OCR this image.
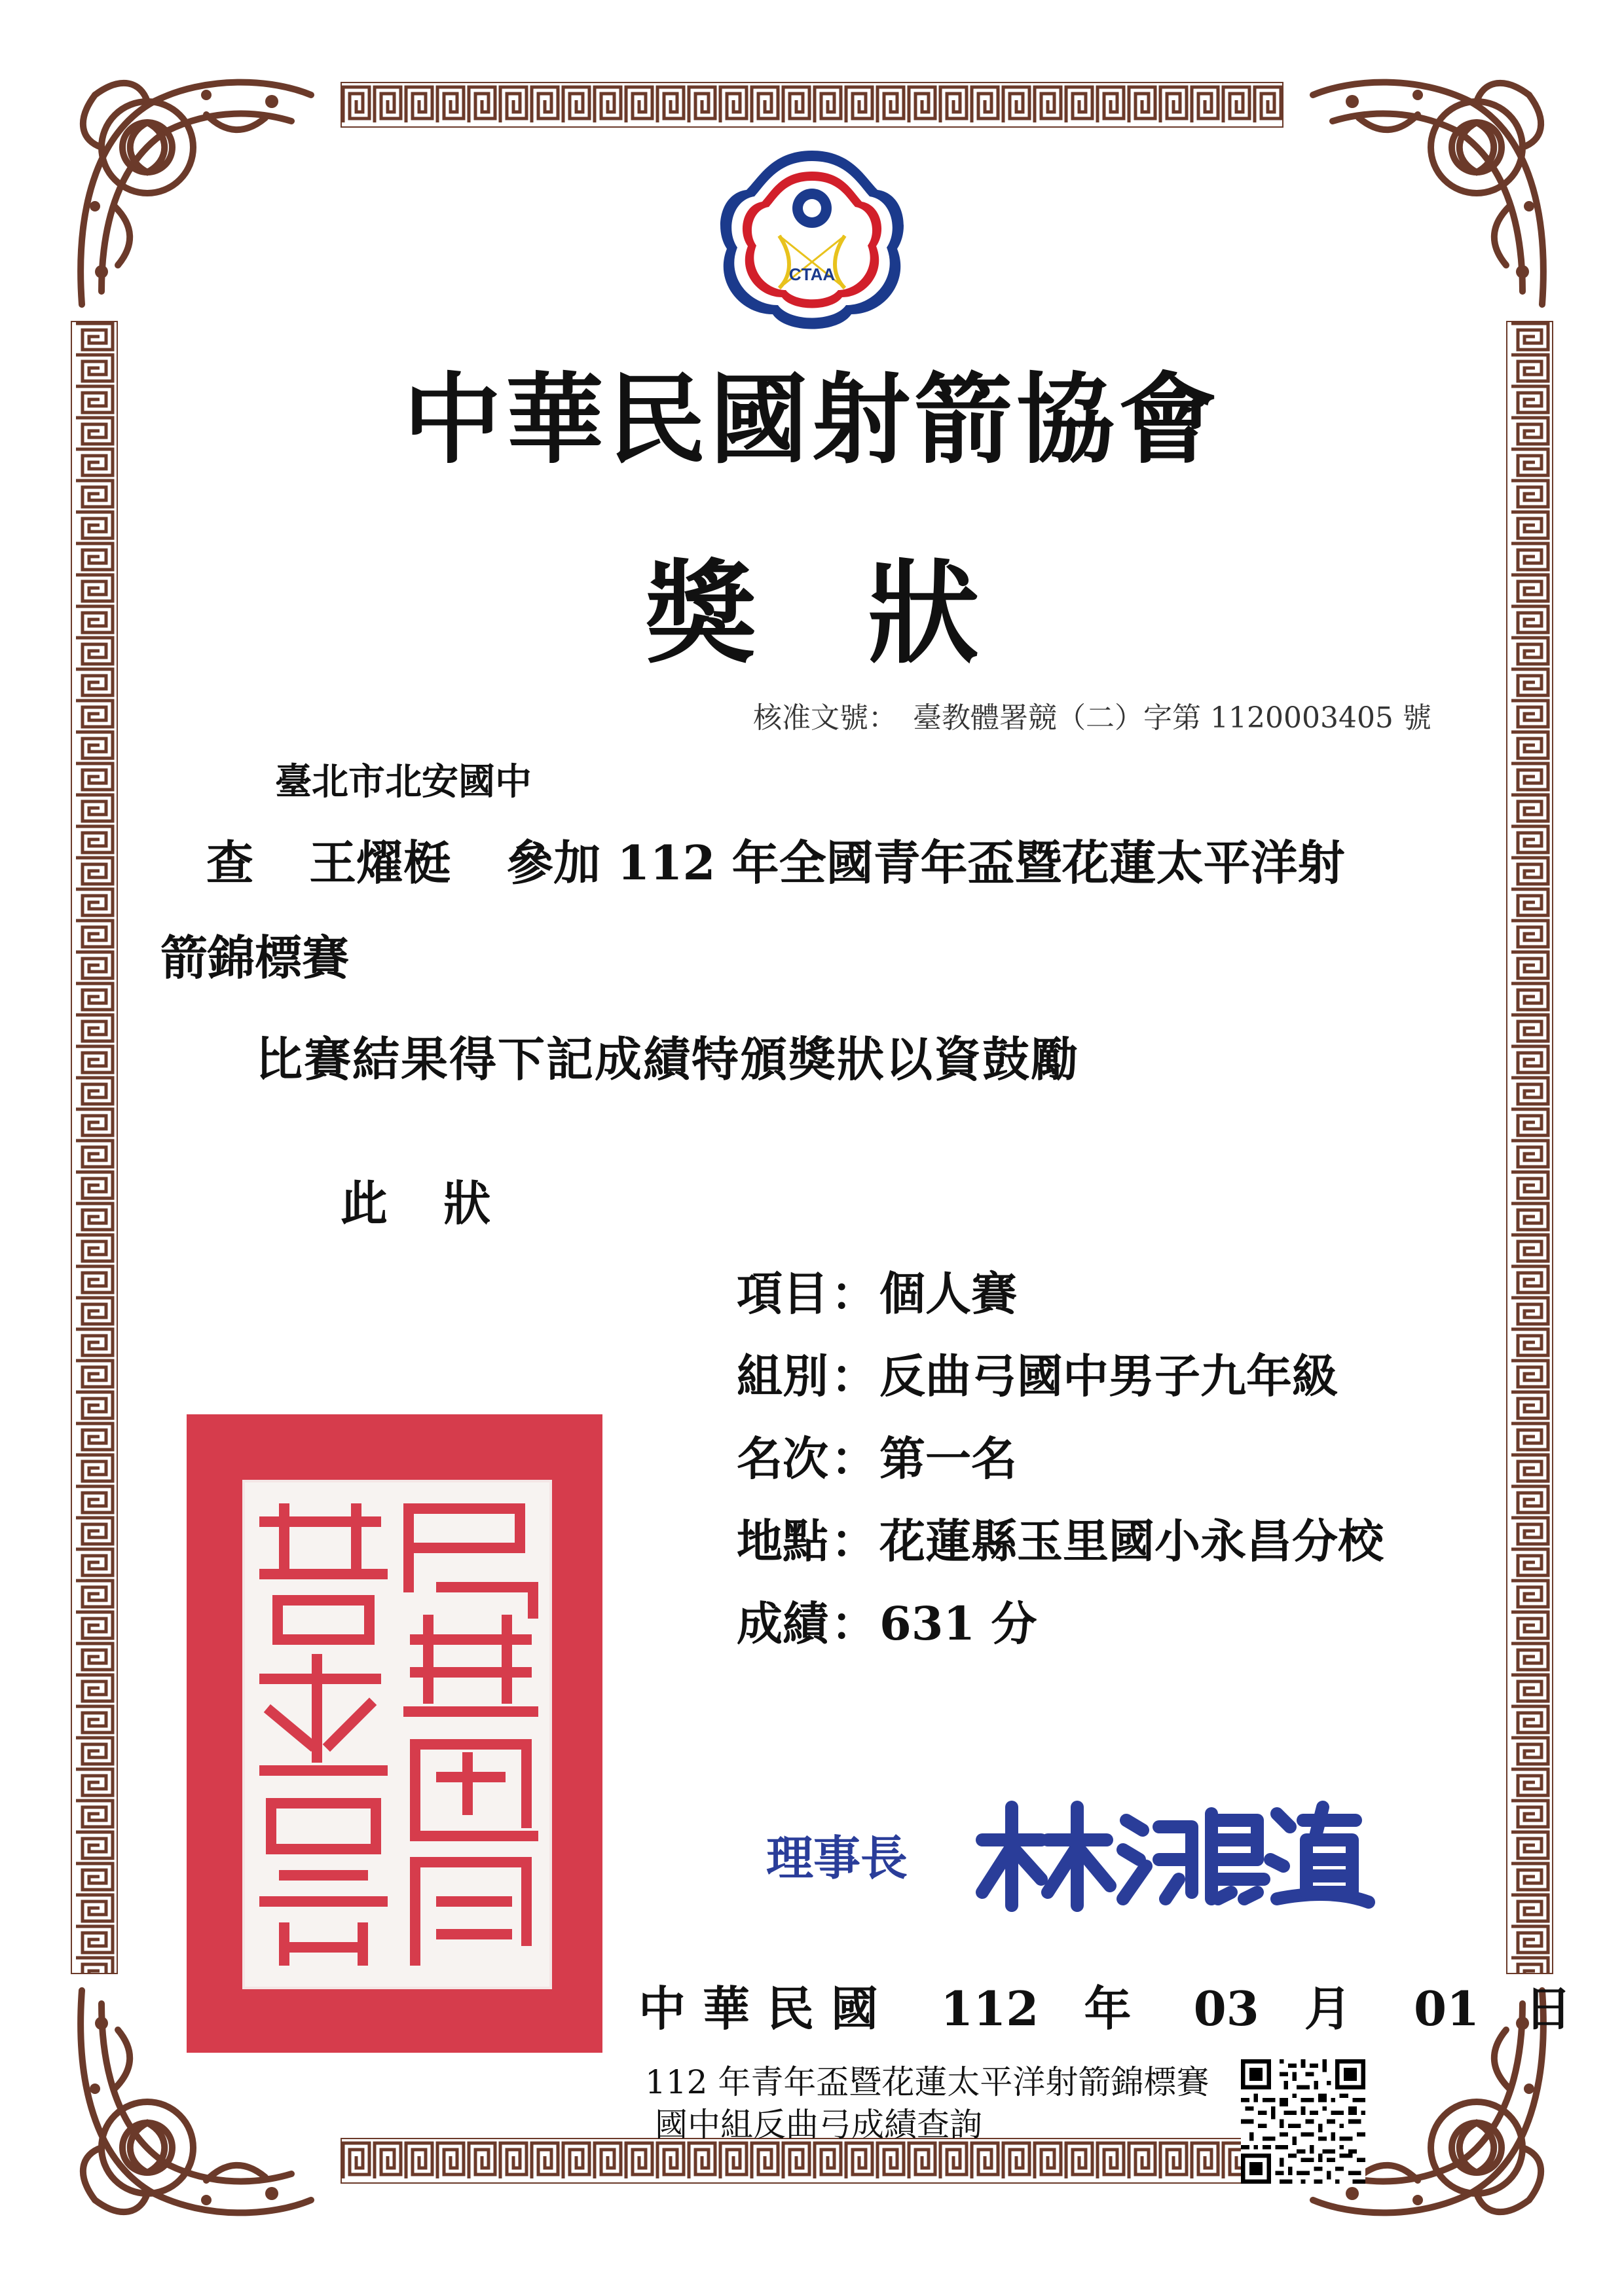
CTAA
中華民國射箭協會
獎　狀
核准文號： 臺教體署競（二）字第 1120003405 號
臺北市北安國中
查 王燿梃 參加 112 年全國青年盃暨花蓮太平洋射
箭錦標賽
比賽結果得下記成績特頒獎狀以資鼓勵
此 狀
項目：個人賽
組別：反曲弓國中男子九年級
名次：第一名
地點：花蓮縣玉里國小永昌分校
成績：631 分
理事長
中華民國 112 年 03 月 01 日
112 年青年盃暨花蓮太平洋射箭錦標賽
國中組反曲弓成績查詢
